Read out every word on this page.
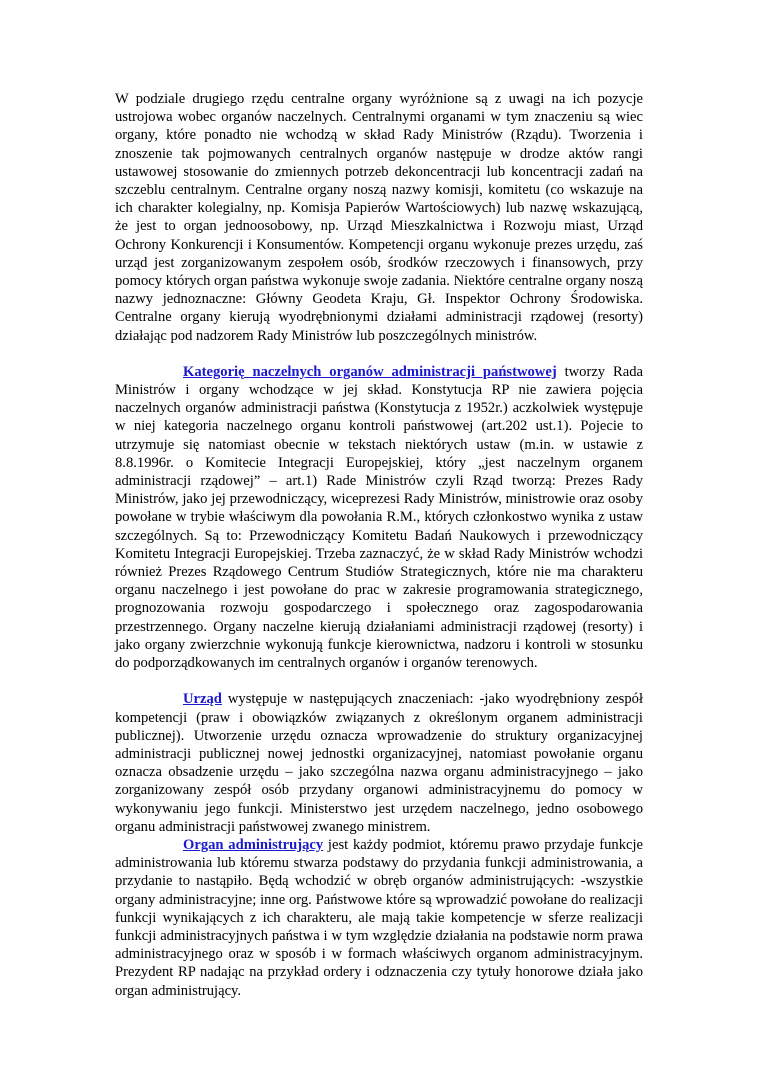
W podziale drugiego rzędu centralne organy wyróżnione są z uwagi na ich pozycje ustrojowa wobec organów naczelnych. Centralnymi organami w tym znaczeniu są wiec organy, które ponadto nie wchodzą w skład Rady Ministrów (Rządu). Tworzenia i znoszenie tak pojmowanych centralnych organów następuje w drodze aktów rangi ustawowej stosowanie do zmiennych potrzeb dekoncentracji lub koncentracji zadań na szczeblu centralnym. Centralne organy noszą nazwy komisji, komitetu (co wskazuje na ich charakter kolegialny, np. Komisja Papierów Wartościowych) lub nazwę wskazującą, że jest to organ jednoosobowy, np. Urząd Mieszkalnictwa i Rozwoju miast, Urząd Ochrony Konkurencji i Konsumentów. Kompetencji organu wykonuje prezes urzędu, zaś urząd jest zorganizowanym zespołem osób, środków rzeczowych i finansowych, przy pomocy których organ państwa wykonuje swoje zadania. Niektóre centralne organy noszą nazwy jednoznaczne: Główny Geodeta Kraju, Gł. Inspektor Ochrony Środowiska. Centralne organy kierują wyodrębnionymi działami administracji rządowej (resorty) działając pod nadzorem Rady Ministrów lub poszczególnych ministrów.

Kategorię naczelnych organów administracji państwowej tworzy Rada Ministrów i organy wchodzące w jej skład. Konstytucja RP nie zawiera pojęcia naczelnych organów administracji państwa (Konstytucja z 1952r.) aczkolwiek występuje w niej kategoria naczelnego organu kontroli państwowej (art.202 ust.1). Pojecie to utrzymuje się natomiast obecnie w tekstach niektórych ustaw (m.in. w ustawie z 8.8.1996r. o Komitecie Integracji Europejskiej, który „jest naczelnym organem administracji rządowej” – art.1) Rade Ministrów czyli Rząd tworzą: Prezes Rady Ministrów, jako jej przewodniczący, wiceprezesi Rady Ministrów, ministrowie oraz osoby powołane w trybie właściwym dla powołania R.M., których członkostwo wynika z ustaw szczególnych. Są to: Przewodniczący Komitetu Badań Naukowych i przewodniczący Komitetu Integracji Europejskiej. Trzeba zaznaczyć, że w skład Rady Ministrów wchodzi również Prezes Rządowego Centrum Studiów Strategicznych, które nie ma charakteru organu naczelnego i jest powołane do prac w zakresie programowania strategicznego, prognozowania rozwoju gospodarczego i społecznego oraz zagospodarowania przestrzennego. Organy naczelne kierują działaniami administracji rządowej (resorty) i jako organy zwierzchnie wykonują funkcje kierownictwa, nadzoru i kontroli w stosunku do podporządkowanych im centralnych organów i organów terenowych.

Urząd występuje w następujących znaczeniach: -jako wyodrębniony zespół kompetencji (praw i obowiązków związanych z określonym organem administracji publicznej). Utworzenie urzędu oznacza wprowadzenie do struktury organizacyjnej administracji publicznej nowej jednostki organizacyjnej, natomiast powołanie organu oznacza obsadzenie urzędu – jako szczególna nazwa organu administracyjnego – jako zorganizowany zespół osób przydany organowi administracyjnemu do pomocy w wykonywaniu jego funkcji. Ministerstwo jest urzędem naczelnego, jedno osobowego organu administracji państwowej zwanego ministrem.

Organ administrujący jest każdy podmiot, któremu prawo przydaje funkcje administrowania lub któremu stwarza podstawy do przydania funkcji administrowania, a przydanie to nastąpiło. Będą wchodzić w obręb organów administrujących: -wszystkie organy administracyjne; inne org. Państwowe które są wprowadzić powołane do realizacji funkcji wynikających z ich charakteru, ale mają takie kompetencje w sferze realizacji funkcji administracyjnych państwa i w tym względzie działania na podstawie norm prawa administracyjnego oraz w sposób i w formach właściwych organom administracyjnym. Prezydent RP nadając na przykład ordery i odznaczenia czy tytuły honorowe działa jako organ administrujący.
